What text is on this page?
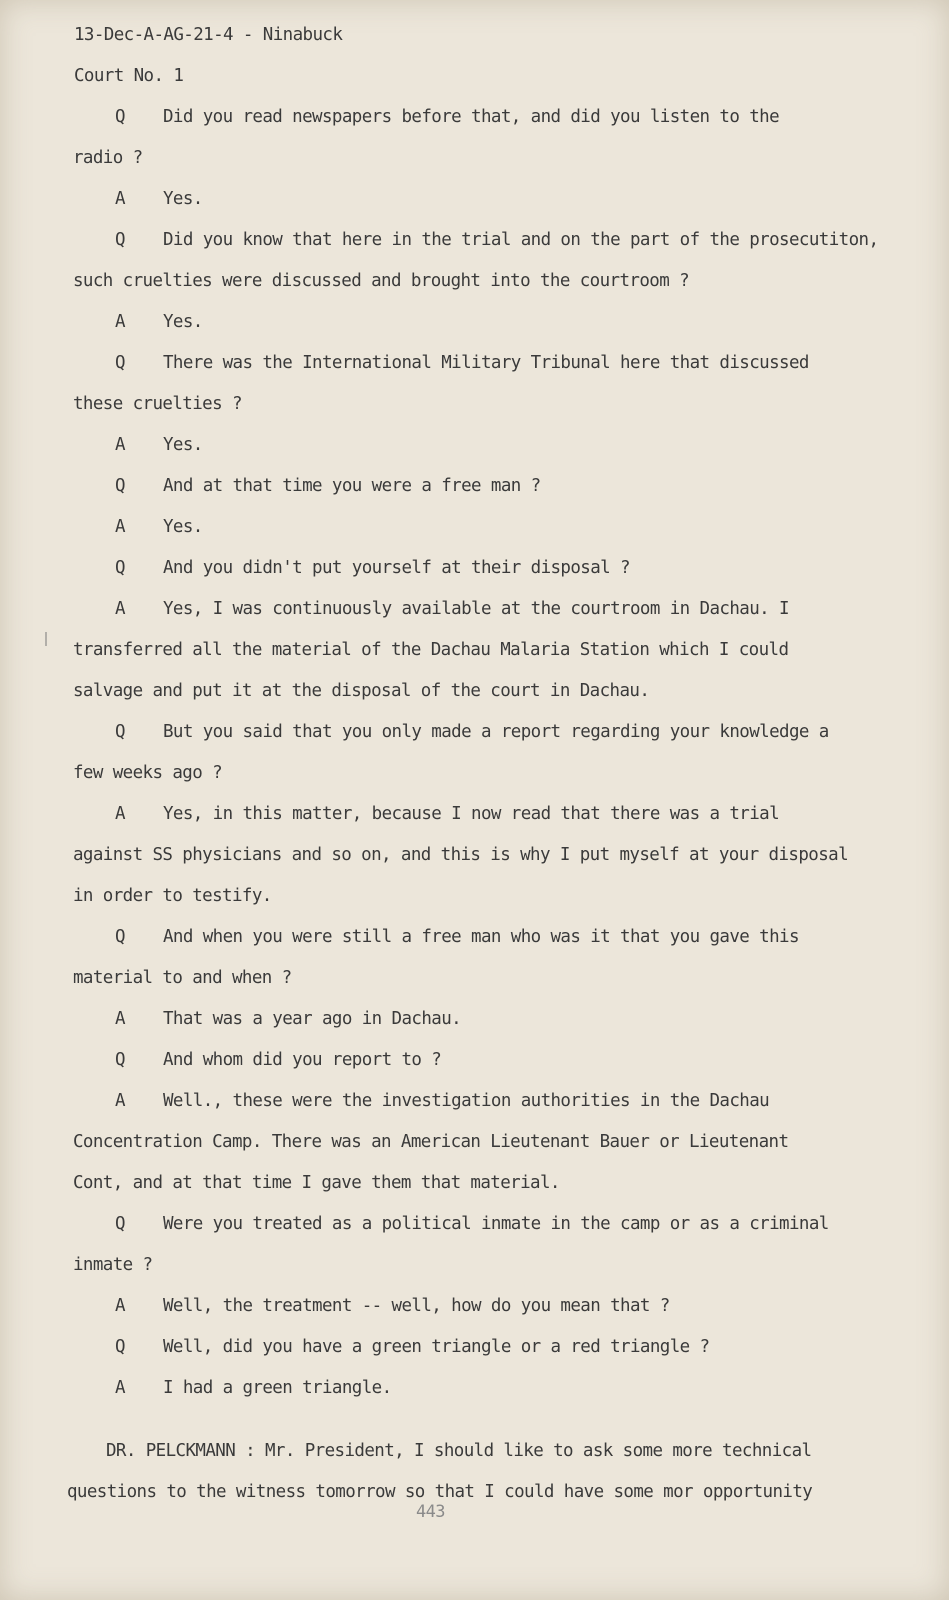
13-Dec-A-AG-21-4 - Ninabuck
Court No. 1
Q Did you read newspapers before that, and did you listen to the
radio ?
A Yes.
Q Did you know that here in the trial and on the part of the prosecutiton,
such cruelties were discussed and brought into the courtroom ?
A Yes.
Q There was the International Military Tribunal here that discussed
these cruelties ?
A Yes.
Q And at that time you were a free man ?
A Yes.
Q And you didn't put yourself at their disposal ?
A Yes, I was continuously available at the courtroom in Dachau. I
transferred all the material of the Dachau Malaria Station which I could
salvage and put it at the disposal of the court in Dachau.
Q But you said that you only made a report regarding your knowledge a
few weeks ago ?
A Yes, in this matter, because I now read that there was a trial
against SS physicians and so on, and this is why I put myself at your disposal
in order to testify.
Q And when you were still a free man who was it that you gave this
material to and when ?
A That was a year ago in Dachau.
Q And whom did you report to ?
A Well., these were the investigation authorities in the Dachau
Concentration Camp. There was an American Lieutenant Bauer or Lieutenant
Cont, and at that time I gave them that material.
Q Were you treated as a political inmate in the camp or as a criminal
inmate ?
A Well, the treatment -- well, how do you mean that ?
Q Well, did you have a green triangle or a red triangle ?
A I had a green triangle.
DR. PELCKMANN : Mr. President, I should like to ask some more technical
questions to the witness tomorrow so that I could have some mor opportunity
443
